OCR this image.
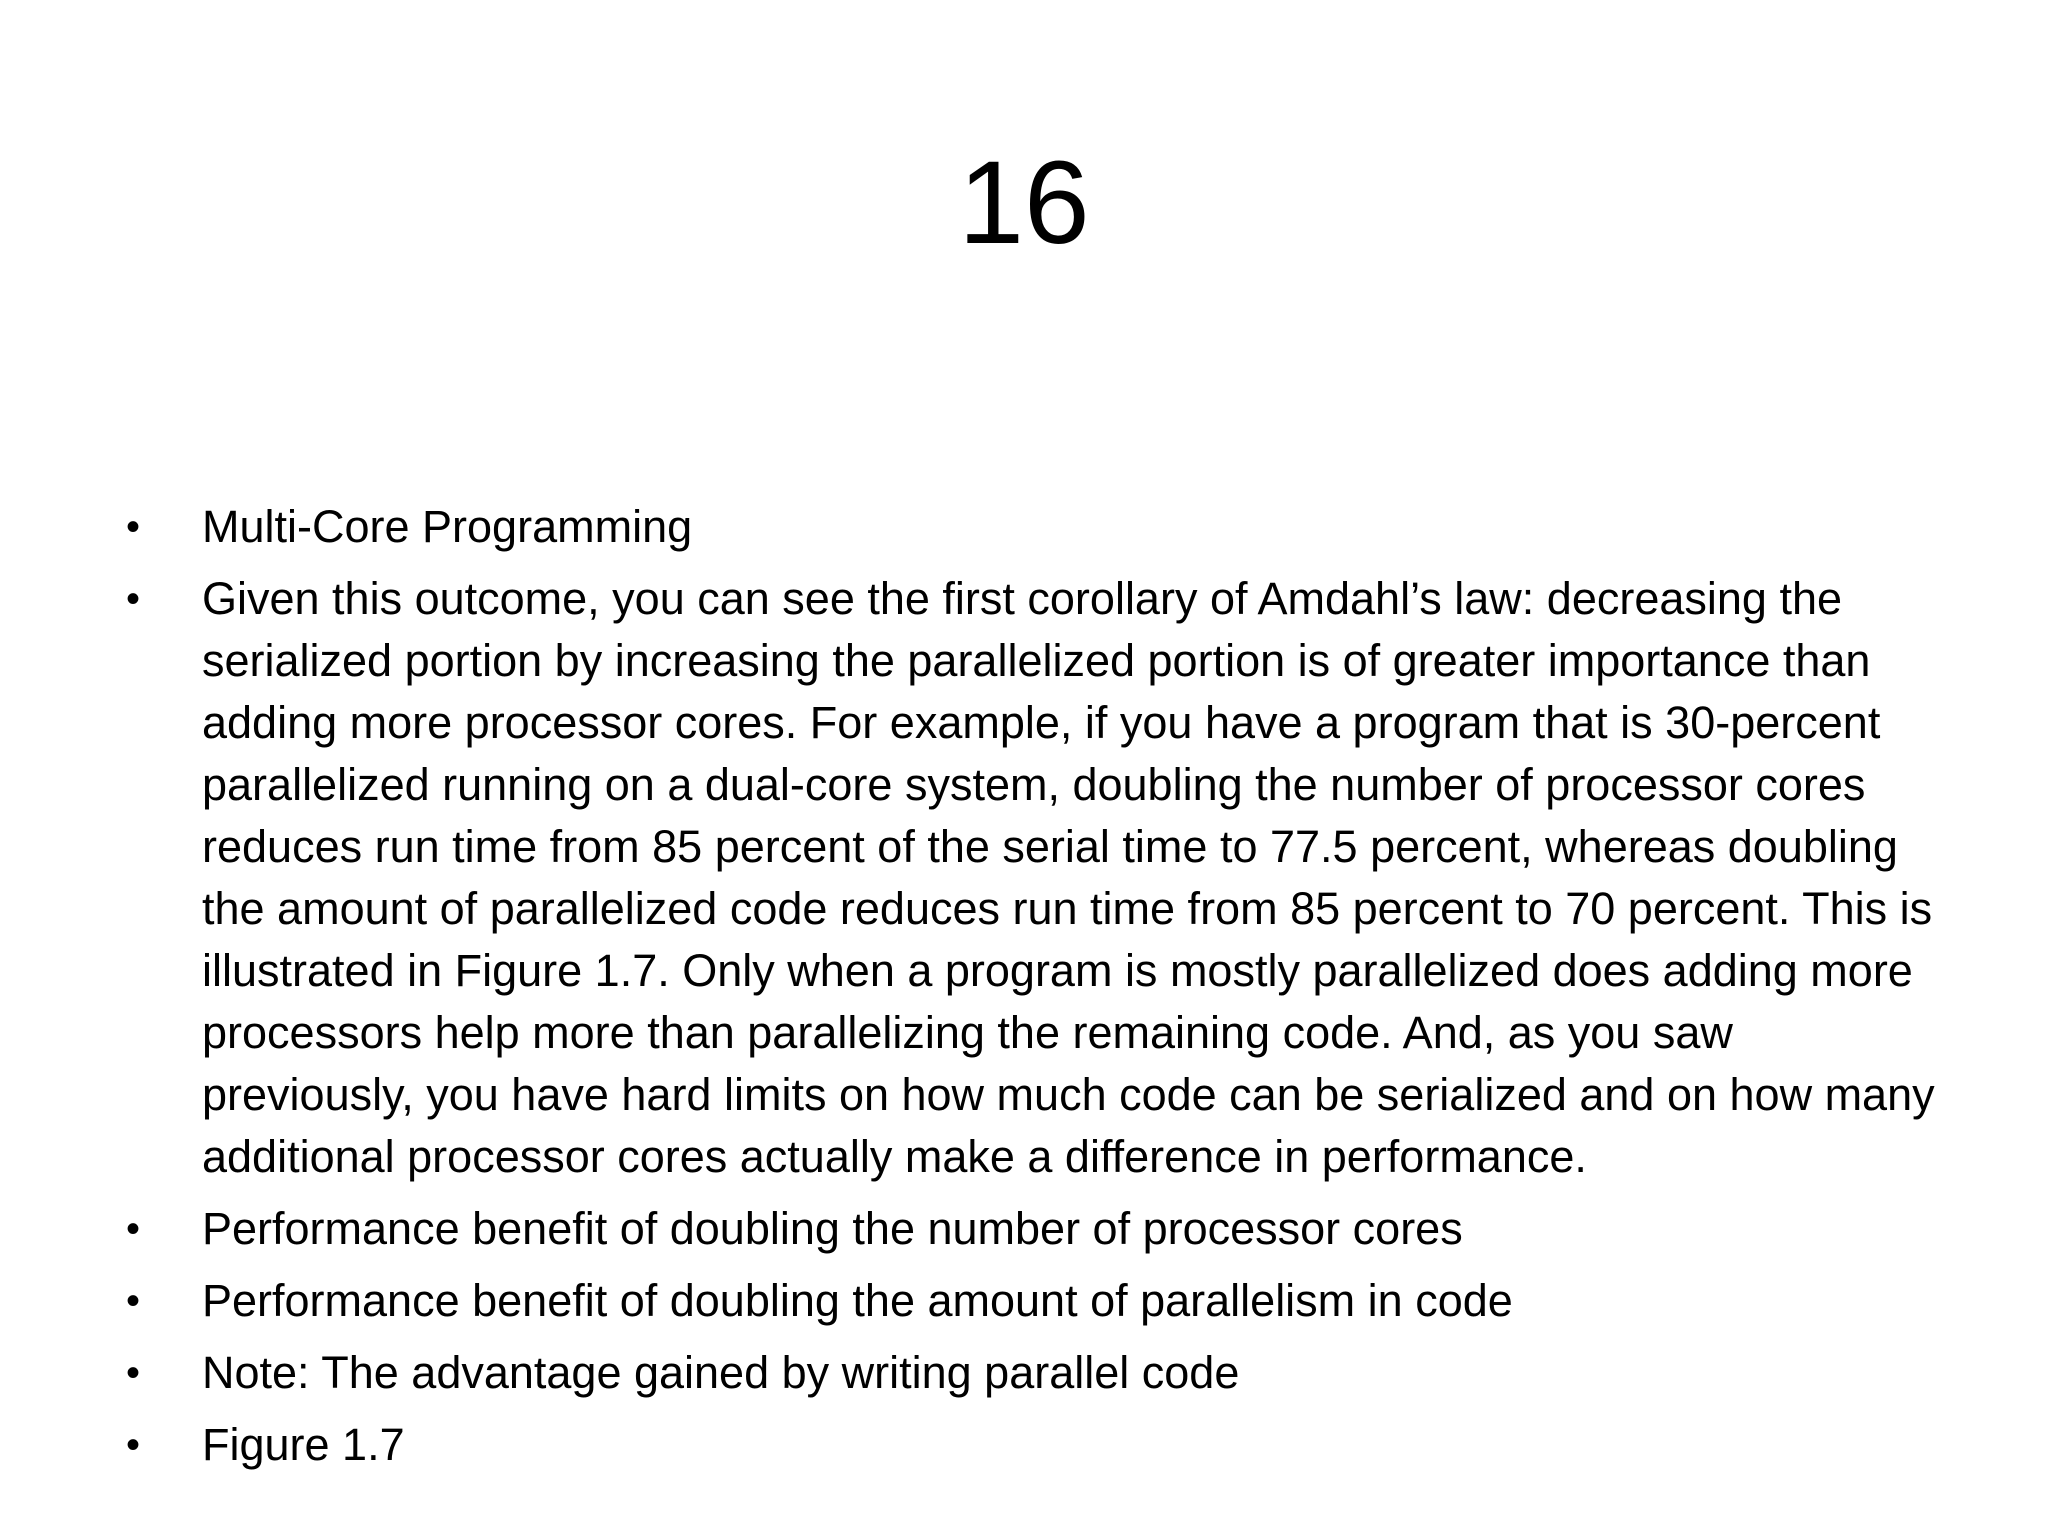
16
•	Multi-Core Programming
•	Given this outcome, you can see the first corollary of Amdahl’s law: decreasing the serialized portion by increasing the parallelized portion is of greater importance than adding more processor cores. For example, if you have a program that is 30-percent parallelized running on a dual-core system, doubling the number of processor cores reduces run time from 85 percent of the serial time to 77.5 percent, whereas doubling the amount of parallelized code reduces run time from 85 percent to 70 percent. This is illustrated in Figure 1.7. Only when a program is mostly parallelized does adding more processors help more than parallelizing the remaining code. And, as you saw previously, you have hard limits on how much code can be serialized and on how many additional processor cores actually make a difference in performance.
•	Performance benefit of doubling the number of processor cores
•	Performance benefit of doubling the amount of parallelism in code
•	Note: The advantage gained by writing parallel code
•	Figure 1.7
